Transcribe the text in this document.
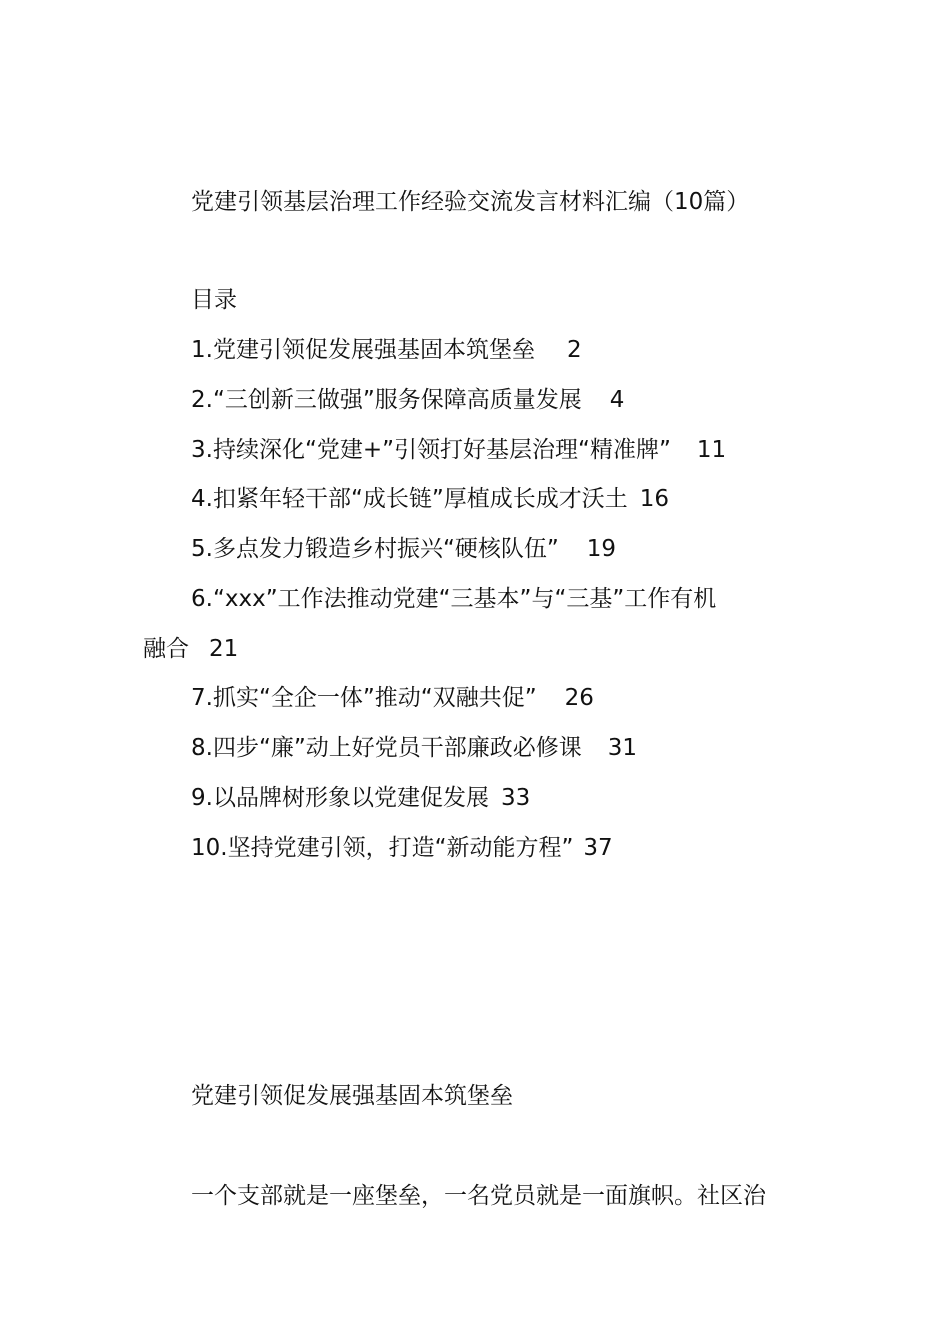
党建引领基层治理工作经验交流发言材料汇编（10篇）
目录
1.党建引领促发展强基固本筑堡垒 2
2.“三创新三做强”服务保障高质量发展 4
3.持续深化“党建+”引领打好基层治理“精准牌” 11
4.扣紧年轻干部“成长链”厚植成长成才沃土 16
5.多点发力锻造乡村振兴“硬核队伍” 19
6.“xxx”工作法推动党建“三基本”与“三基”工作有机
融合 21
7.抓实“全企一体”推动“双融共促” 26
8.四步“廉”动上好党员干部廉政必修课 31
9.以品牌树形象以党建促发展 33
10.坚持党建引领，打造“新动能方程” 37
党建引领促发展强基固本筑堡垒
一个支部就是一座堡垒，一名党员就是一面旗帜。社区治
